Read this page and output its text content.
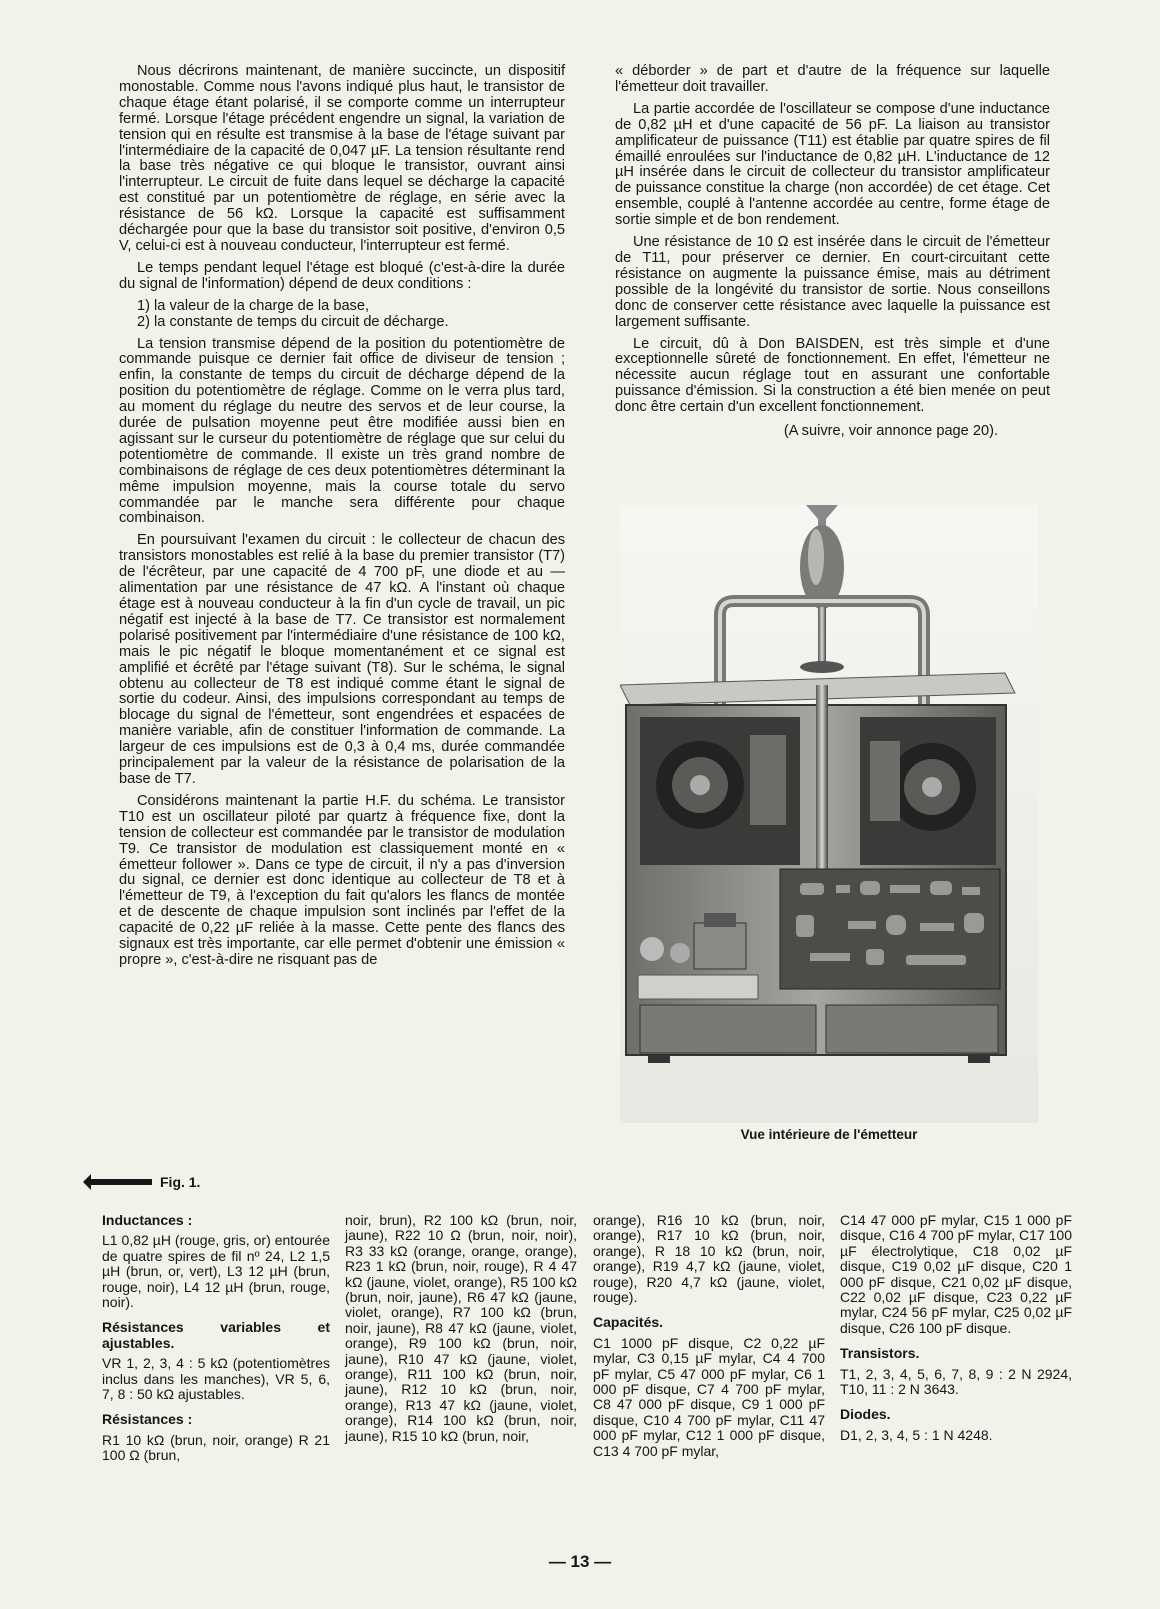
Nous décrirons maintenant, de manière succincte, un dispositif monostable. Comme nous l'avons indiqué plus haut, le transistor de chaque étage étant polarisé, il se comporte comme un interrupteur fermé. Lorsque l'étage précédent engendre un signal, la variation de tension qui en résulte est transmise à la base de l'étage suivant par l'intermédiaire de la capacité de 0,047 µF. La tension résultante rend la base très négative ce qui bloque le transistor, ouvrant ainsi l'interrupteur. Le circuit de fuite dans lequel se décharge la capacité est constitué par un potentiomètre de réglage, en série avec la résistance de 56 kΩ. Lorsque la capacité est suffisamment déchargée pour que la base du transistor soit positive, d'environ 0,5 V, celui-ci est à nouveau conducteur, l'interrupteur est fermé.

Le temps pendant lequel l'étage est bloqué (c'est-à-dire la durée du signal de l'information) dépend de deux conditions :

1) la valeur de la charge de la base,

2) la constante de temps du circuit de décharge.

La tension transmise dépend de la position du potentiomètre de commande puisque ce dernier fait office de diviseur de tension ; enfin, la constante de temps du circuit de décharge dépend de la position du potentiomètre de réglage. Comme on le verra plus tard, au moment du réglage du neutre des servos et de leur course, la durée de pulsation moyenne peut être modifiée aussi bien en agissant sur le curseur du potentiomètre de réglage que sur celui du potentiomètre de commande. Il existe un très grand nombre de combinaisons de réglage de ces deux potentiomètres déterminant la même impulsion moyenne, mais la course totale du servo commandée par le manche sera différente pour chaque combinaison.

En poursuivant l'examen du circuit : le collecteur de chacun des transistors monostables est relié à la base du premier transistor (T7) de l'écrêteur, par une capacité de 4 700 pF, une diode et au — alimentation par une résistance de 47 kΩ. A l'instant où chaque étage est à nouveau conducteur à la fin d'un cycle de travail, un pic négatif est injecté à la base de T7. Ce transistor est normalement polarisé positivement par l'intermédiaire d'une résistance de 100 kΩ, mais le pic négatif le bloque momentanément et ce signal est amplifié et écrêté par l'étage suivant (T8). Sur le schéma, le signal obtenu au collecteur de T8 est indiqué comme étant le signal de sortie du codeur. Ainsi, des impulsions correspondant au temps de blocage du signal de l'émetteur, sont engendrées et espacées de manière variable, afin de constituer l'information de commande. La largeur de ces impulsions est de 0,3 à 0,4 ms, durée commandée principalement par la valeur de la résistance de polarisation de la base de T7.

Considérons maintenant la partie H.F. du schéma. Le transistor T10 est un oscillateur piloté par quartz à fréquence fixe, dont la tension de collecteur est commandée par le transistor de modulation T9. Ce transistor de modulation est classiquement monté en « émetteur follower ». Dans ce type de circuit, il n'y a pas d'inversion du signal, ce dernier est donc identique au collecteur de T8 et à l'émetteur de T9, à l'exception du fait qu'alors les flancs de montée et de descente de chaque impulsion sont inclinés par l'effet de la capacité de 0,22 µF reliée à la masse. Cette pente des flancs des signaux est très importante, car elle permet d'obtenir une émission « propre », c'est-à-dire ne risquant pas de

« déborder » de part et d'autre de la fréquence sur laquelle l'émetteur doit travailler.

La partie accordée de l'oscillateur se compose d'une inductance de 0,82 µH et d'une capacité de 56 pF. La liaison au transistor amplificateur de puissance (T11) est établie par quatre spires de fil émaillé enroulées sur l'inductance de 0,82 µH. L'inductance de 12 µH insérée dans le circuit de collecteur du transistor amplificateur de puissance constitue la charge (non accordée) de cet étage. Cet ensemble, couplé à l'antenne accordée au centre, forme étage de sortie simple et de bon rendement.

Une résistance de 10 Ω est insérée dans le circuit de l'émetteur de T11, pour préserver ce dernier. En court-circuitant cette résistance on augmente la puissance émise, mais au détriment possible de la longévité du transistor de sortie. Nous conseillons donc de conserver cette résistance avec laquelle la puissance est largement suffisante.

Le circuit, dû à Don BAISDEN, est très simple et d'une exceptionnelle sûreté de fonctionnement. En effet, l'émetteur ne nécessite aucun réglage tout en assurant une confortable puissance d'émission. Si la construction a été bien menée on peut donc être certain d'un excellent fonctionnement.

(A suivre, voir annonce page 20).
Vue intérieure de l'émetteur
Fig. 1.
Inductances :

L1 0,82 µH (rouge, gris, or) entourée de quatre spires de fil nº 24, L2 1,5 µH (brun, or, vert), L3 12 µH (brun, rouge, noir), L4 12 µH (brun, rouge, noir).

Résistances variables et ajustables.

VR 1, 2, 3, 4 : 5 kΩ (potentiomètres inclus dans les manches), VR 5, 6, 7, 8 : 50 kΩ ajustables.

Résistances :

R1 10 kΩ (brun, noir, orange) R 21 100 Ω (brun,

noir, brun), R2 100 kΩ (brun, noir, jaune), R22 10 Ω (brun, noir, noir), R3 33 kΩ (orange, orange, orange), R23 1 kΩ (brun, noir, rouge), R 4 47 kΩ (jaune, violet, orange), R5 100 kΩ (brun, noir, jaune), R6 47 kΩ (jaune, violet, orange), R7 100 kΩ (brun, noir, jaune), R8 47 kΩ (jaune, violet, orange), R9 100 kΩ (brun, noir, jaune), R10 47 kΩ (jaune, violet, orange), R11 100 kΩ (brun, noir, jaune), R12 10 kΩ (brun, noir, orange), R13 47 kΩ (jaune, violet, orange), R14 100 kΩ (brun, noir, jaune), R15 10 kΩ (brun, noir,

orange), R16 10 kΩ (brun, noir, orange), R17 10 kΩ (brun, noir, orange), R 18 10 kΩ (brun, noir, orange), R19 4,7 kΩ (jaune, violet, rouge), R20 4,7 kΩ (jaune, violet, rouge).

Capacités.

C1 1000 pF disque, C2 0,22 µF mylar, C3 0,15 µF mylar, C4 4 700 pF mylar, C5 47 000 pF mylar, C6 1 000 pF disque, C7 4 700 pF mylar, C8 47 000 pF disque, C9 1 000 pF disque, C10 4 700 pF mylar, C11 47 000 pF mylar, C12 1 000 pF disque, C13 4 700 pF mylar,

C14 47 000 pF mylar, C15 1 000 pF disque, C16 4 700 pF mylar, C17 100 µF électrolytique, C18 0,02 µF disque, C19 0,02 µF disque, C20 1 000 pF disque, C21 0,02 µF disque, C22 0,02 µF disque, C23 0,22 µF mylar, C24 56 pF mylar, C25 0,02 µF disque, C26 100 pF disque.

Transistors.

T1, 2, 3, 4, 5, 6, 7, 8, 9 : 2 N 2924, T10, 11 : 2 N 3643.

Diodes.

D1, 2, 3, 4, 5 : 1 N 4248.

— 13 —
